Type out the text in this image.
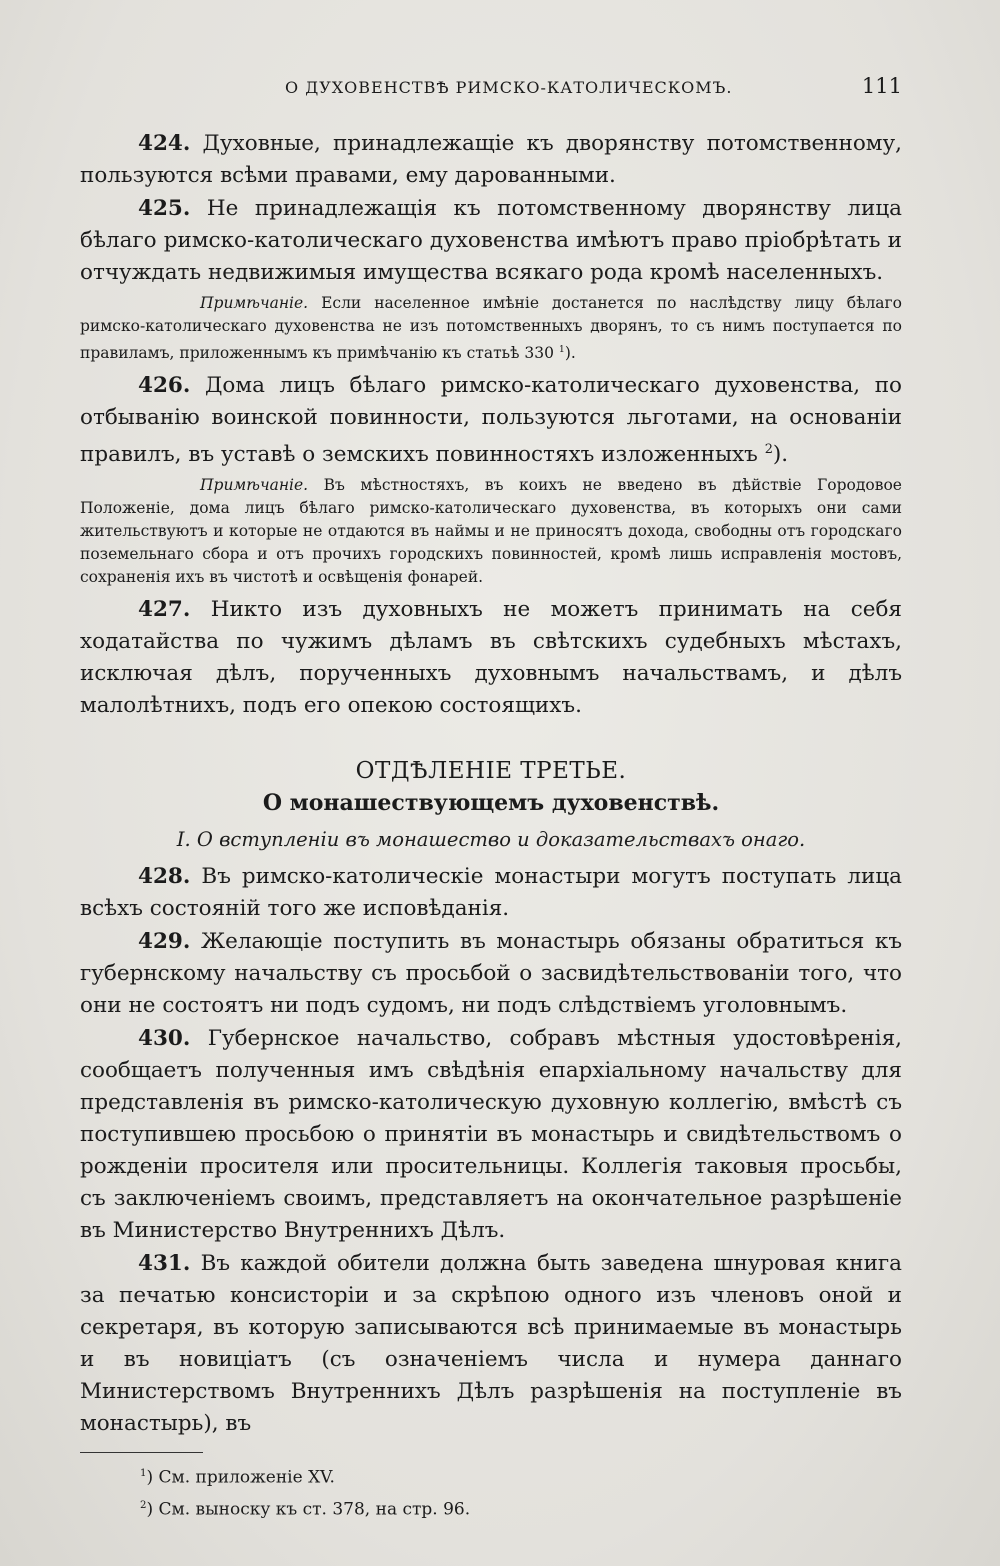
О ДУХОВЕНСТВѢ РИМСКО-КАТОЛИЧЕСКОМЪ.	111

424. Духовные, принадлежащіе къ дворянству потомственному, пользуются всѣми правами, ему дарованными.

425. Не принадлежащія къ потомственному дворянству лица бѣлаго римско-католическаго духовенства имѣютъ право пріобрѣтать и отчуждать недвижимыя имущества всякаго рода кромѣ населенныхъ.

Примѣчаніе. Если населенное имѣніе достанется по наслѣдству лицу бѣлаго римско-католическаго духовенства не изъ потомственныхъ дворянъ, то съ нимъ поступается по правиламъ, приложеннымъ къ примѣчанію къ статьѣ 330 $^1$).

426. Дома лицъ бѣлаго римско-католическаго духовенства, по отбыванію воинской повинности, пользуются льготами, на основаніи правилъ, въ уставѣ о земскихъ повинностяхъ изложенныхъ $^2$).

Примѣчаніе. Въ мѣстностяхъ, въ коихъ не введено въ дѣйствіе Городовое Положеніе, дома лицъ бѣлаго римско-католическаго духовенства, въ которыхъ они сами жительствуютъ и которые не отдаются въ наймы и не приносятъ дохода, свободны отъ городскаго поземельнаго сбора и отъ прочихъ городскихъ повинностей, кромѣ лишь исправленія мостовъ, сохраненія ихъ въ чистотѣ и освѣщенія фонарей.

427. Никто изъ духовныхъ не можетъ принимать на себя ходатайства по чужимъ дѣламъ въ свѣтскихъ судебныхъ мѣстахъ, исключая дѣлъ, порученныхъ духовнымъ начальствамъ, и дѣлъ малолѣтнихъ, подъ его опекою состоящихъ.

ОТДѢЛЕНІЕ ТРЕТЬЕ.
О монашествующемъ духовенствѣ.
I. О вступленіи въ монашество и доказательствахъ онаго.

428. Въ римско-католическіе монастыри могутъ поступать лица всѣхъ состояній того же исповѣданія.

429. Желающіе поступить въ монастырь обязаны обратиться къ губернскому начальству съ просьбой о засвидѣтельствованіи того, что они не состоятъ ни подъ судомъ, ни подъ слѣдствіемъ уголовнымъ.

430. Губернское начальство, собравъ мѣстныя удостовѣренія, сообщаетъ полученныя имъ свѣдѣнія епархіальному начальству для представленія въ римско-католическую духовную коллегію, вмѣстѣ съ поступившею просьбою о принятіи въ монастырь и свидѣтельствомъ о рожденіи просителя или просительницы. Коллегія таковыя просьбы, съ заключеніемъ своимъ, представляетъ на окончательное разрѣшеніе въ Министерство Внутреннихъ Дѣлъ.

431. Въ каждой обители должна быть заведена шнуровая книга за печатью консисторіи и за скрѣпою одного изъ членовъ оной и секретаря, въ которую записываются всѣ принимаемые въ монастырь и въ новиціатъ (съ означеніемъ числа и нумера даннаго Министерствомъ Внутреннихъ Дѣлъ разрѣшенія на поступленіе въ монастырь), въ

$^1$) См. приложеніе XV.
$^2$) См. выноску къ ст. 378, на стр. 96.
